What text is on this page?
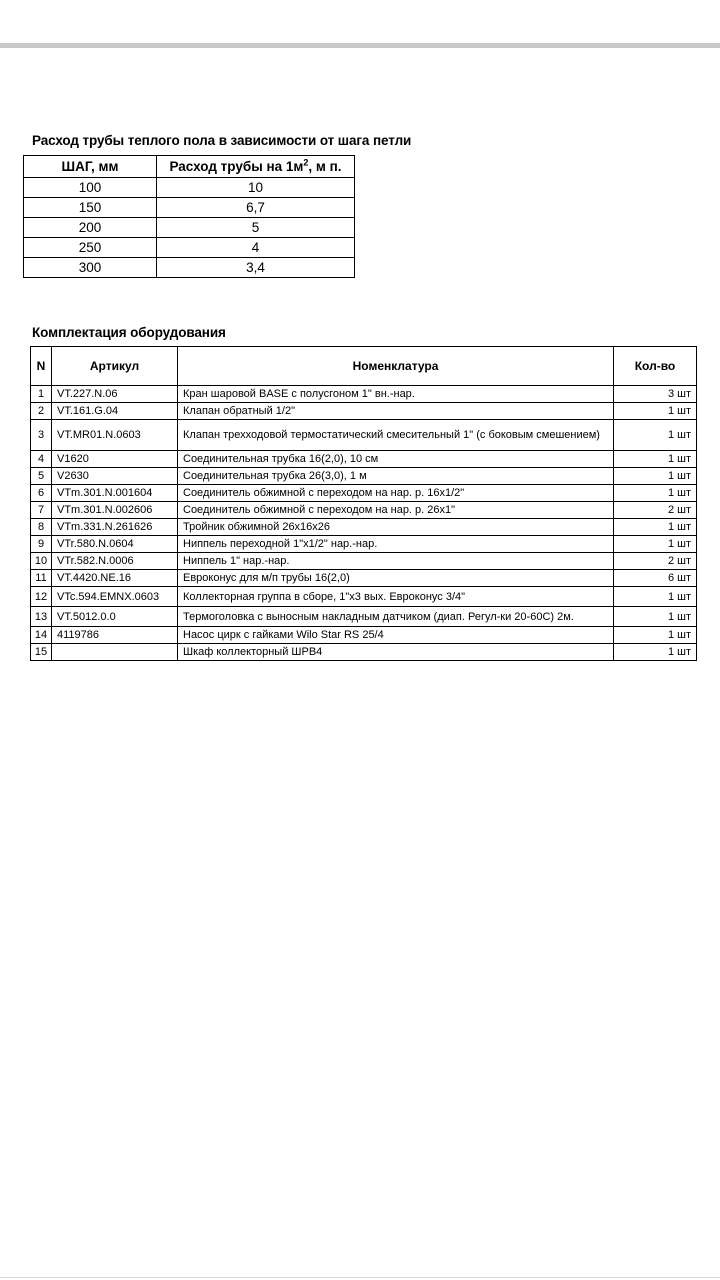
Расход трубы теплого пола в зависимости от шага петли
ШАГ, мм	Расход трубы на $1м^2$, м п.
100	10
150	6,7
200	5
250	4
300	3,4
Комплектация оборудования
N	Артикул	Номенклатура	Кол-во
1	VT.227.N.06	Кран шаровой BASE с полусгоном 1" вн.-нар.	3 шт
2	VT.161.G.04	Клапан обратный 1/2"	1 шт
3	VT.MR01.N.0603	Клапан трехходовой термостатический смесительный 1" (с боковым смешением)	1 шт
4	V1620	Соединительная трубка 16(2,0), 10 см	1 шт
5	V2630	Соединительная трубка 26(3,0), 1 м	1 шт
6	VTm.301.N.001604	Соединитель обжимной с переходом на нар. р. 16x1/2"	1 шт
7	VTm.301.N.002606	Соединитель обжимной с переходом на нар. р. 26x1"	2 шт
8	VTm.331.N.261626	Тройник обжимной 26x16x26	1 шт
9	VTr.580.N.0604	Ниппель переходной 1"x1/2" нар.-нар.	1 шт
10	VTr.582.N.0006	Ниппель 1" нар.-нар.	2 шт
11	VT.4420.NE.16	Евроконус для м/п трубы 16(2,0)	6 шт
12	VTc.594.EMNX.0603	Коллекторная группа в сборе, 1"x3 вых. Евроконус 3/4"	1 шт
13	VT.5012.0.0	Термоголовка с выносным накладным датчиком (диап. Регул-ки 20-60С) 2м.	1 шт
14	4119786	Насос цирк с гайками Wilo Star RS 25/4	1 шт
15		Шкаф коллекторный ШРВ4	1 шт
